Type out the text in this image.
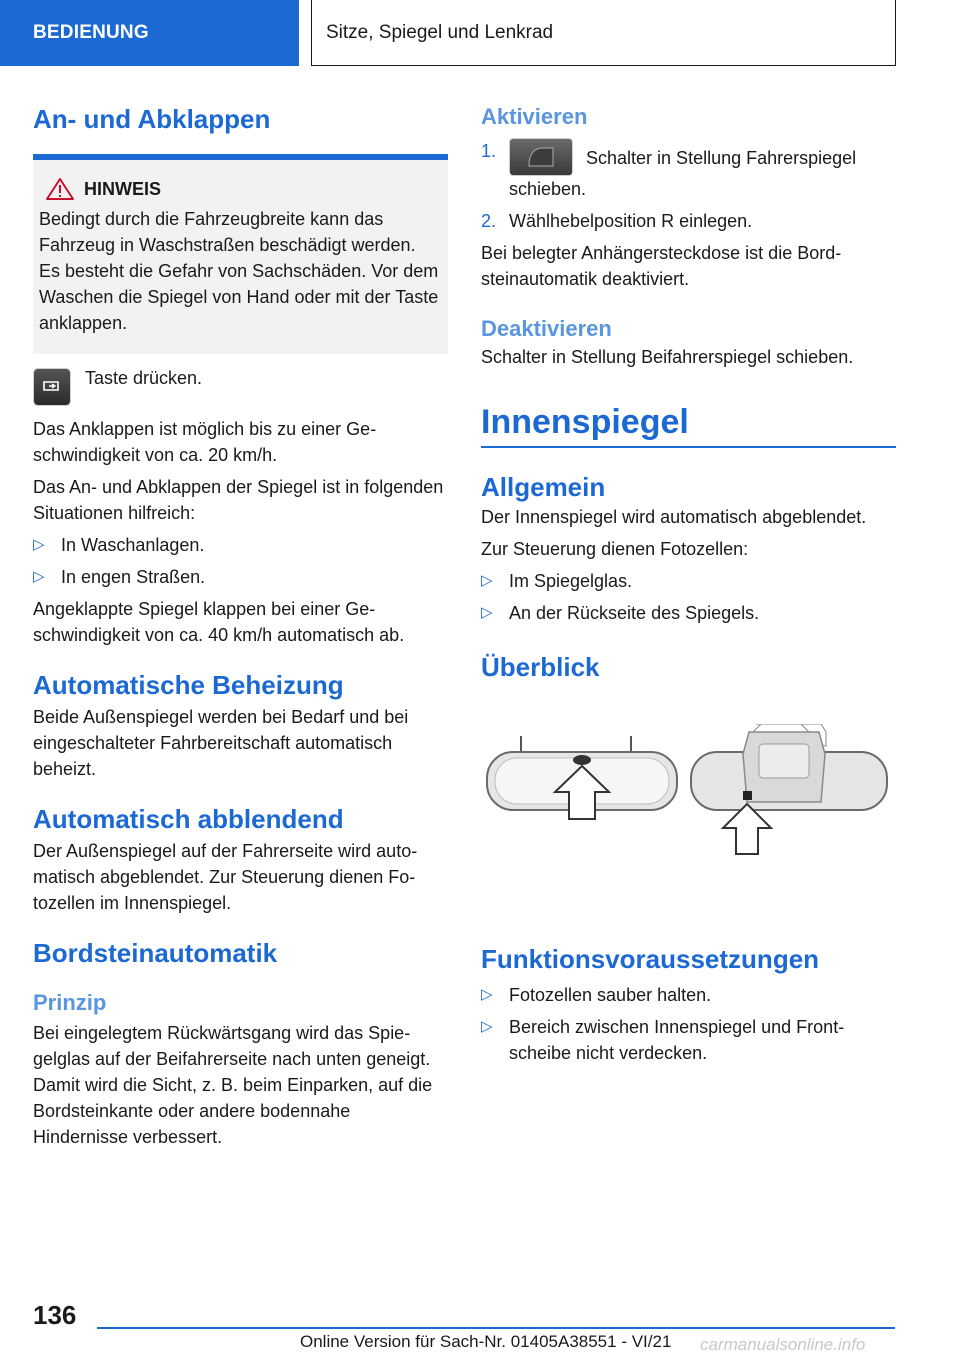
BEDIENUNG	Sitze, Spiegel und Lenkrad
An- und Abklappen
HINWEIS

Bedingt durch die Fahrzeugbreite kann das Fahrzeug in Waschstraßen beschädigt werden. Es besteht die Gefahr von Sachschäden. Vor dem Waschen die Spiegel von Hand oder mit der Taste anklappen.

Taste drücken.

Das Anklappen ist möglich bis zu einer Geschwindigkeit von ca. 20 km/h.

Das An- und Abklappen der Spiegel ist in folgenden Situationen hilfreich:

▷ In Waschanlagen.
▷ In engen Straßen.

Angeklappte Spiegel klappen bei einer Geschwindigkeit von ca. 40 km/h automatisch ab.

Automatische Beheizung

Beide Außenspiegel werden bei Bedarf und bei eingeschalteter Fahrbereitschaft automatisch beheizt.

Automatisch abblendend

Der Außenspiegel auf der Fahrerseite wird automatisch abgeblendet. Zur Steuerung dienen Fotozellen im Innenspiegel.

Bordsteinautomatik
Prinzip

Bei eingelegtem Rückwärtsgang wird das Spiegelglas auf der Beifahrerseite nach unten geneigt. Damit wird die Sicht, z. B. beim Einparken, auf die Bordsteinkante oder andere bodennahe Hindernisse verbessert.

Aktivieren
1.	Schalter in Stellung Fahrerspiegel schieben.
2. Wählhebelposition R einlegen.

Bei belegter Anhängersteckdose ist die Bordsteinautomatik deaktiviert.

Deaktivieren

Schalter in Stellung Beifahrerspiegel schieben.

Innenspiegel
Allgemein

Der Innenspiegel wird automatisch abgeblendet.

Zur Steuerung dienen Fotozellen:

▷ Im Spiegelglas.
▷ An der Rückseite des Spiegels.
Überblick
Funktionsvoraussetzungen
▷ Fotozellen sauber halten.
▷ Bereich zwischen Innenspiegel und Frontscheibe nicht verdecken.
136
Online Version für Sach-Nr. 01405A38551 - VI/21 carmanualsonline.info
